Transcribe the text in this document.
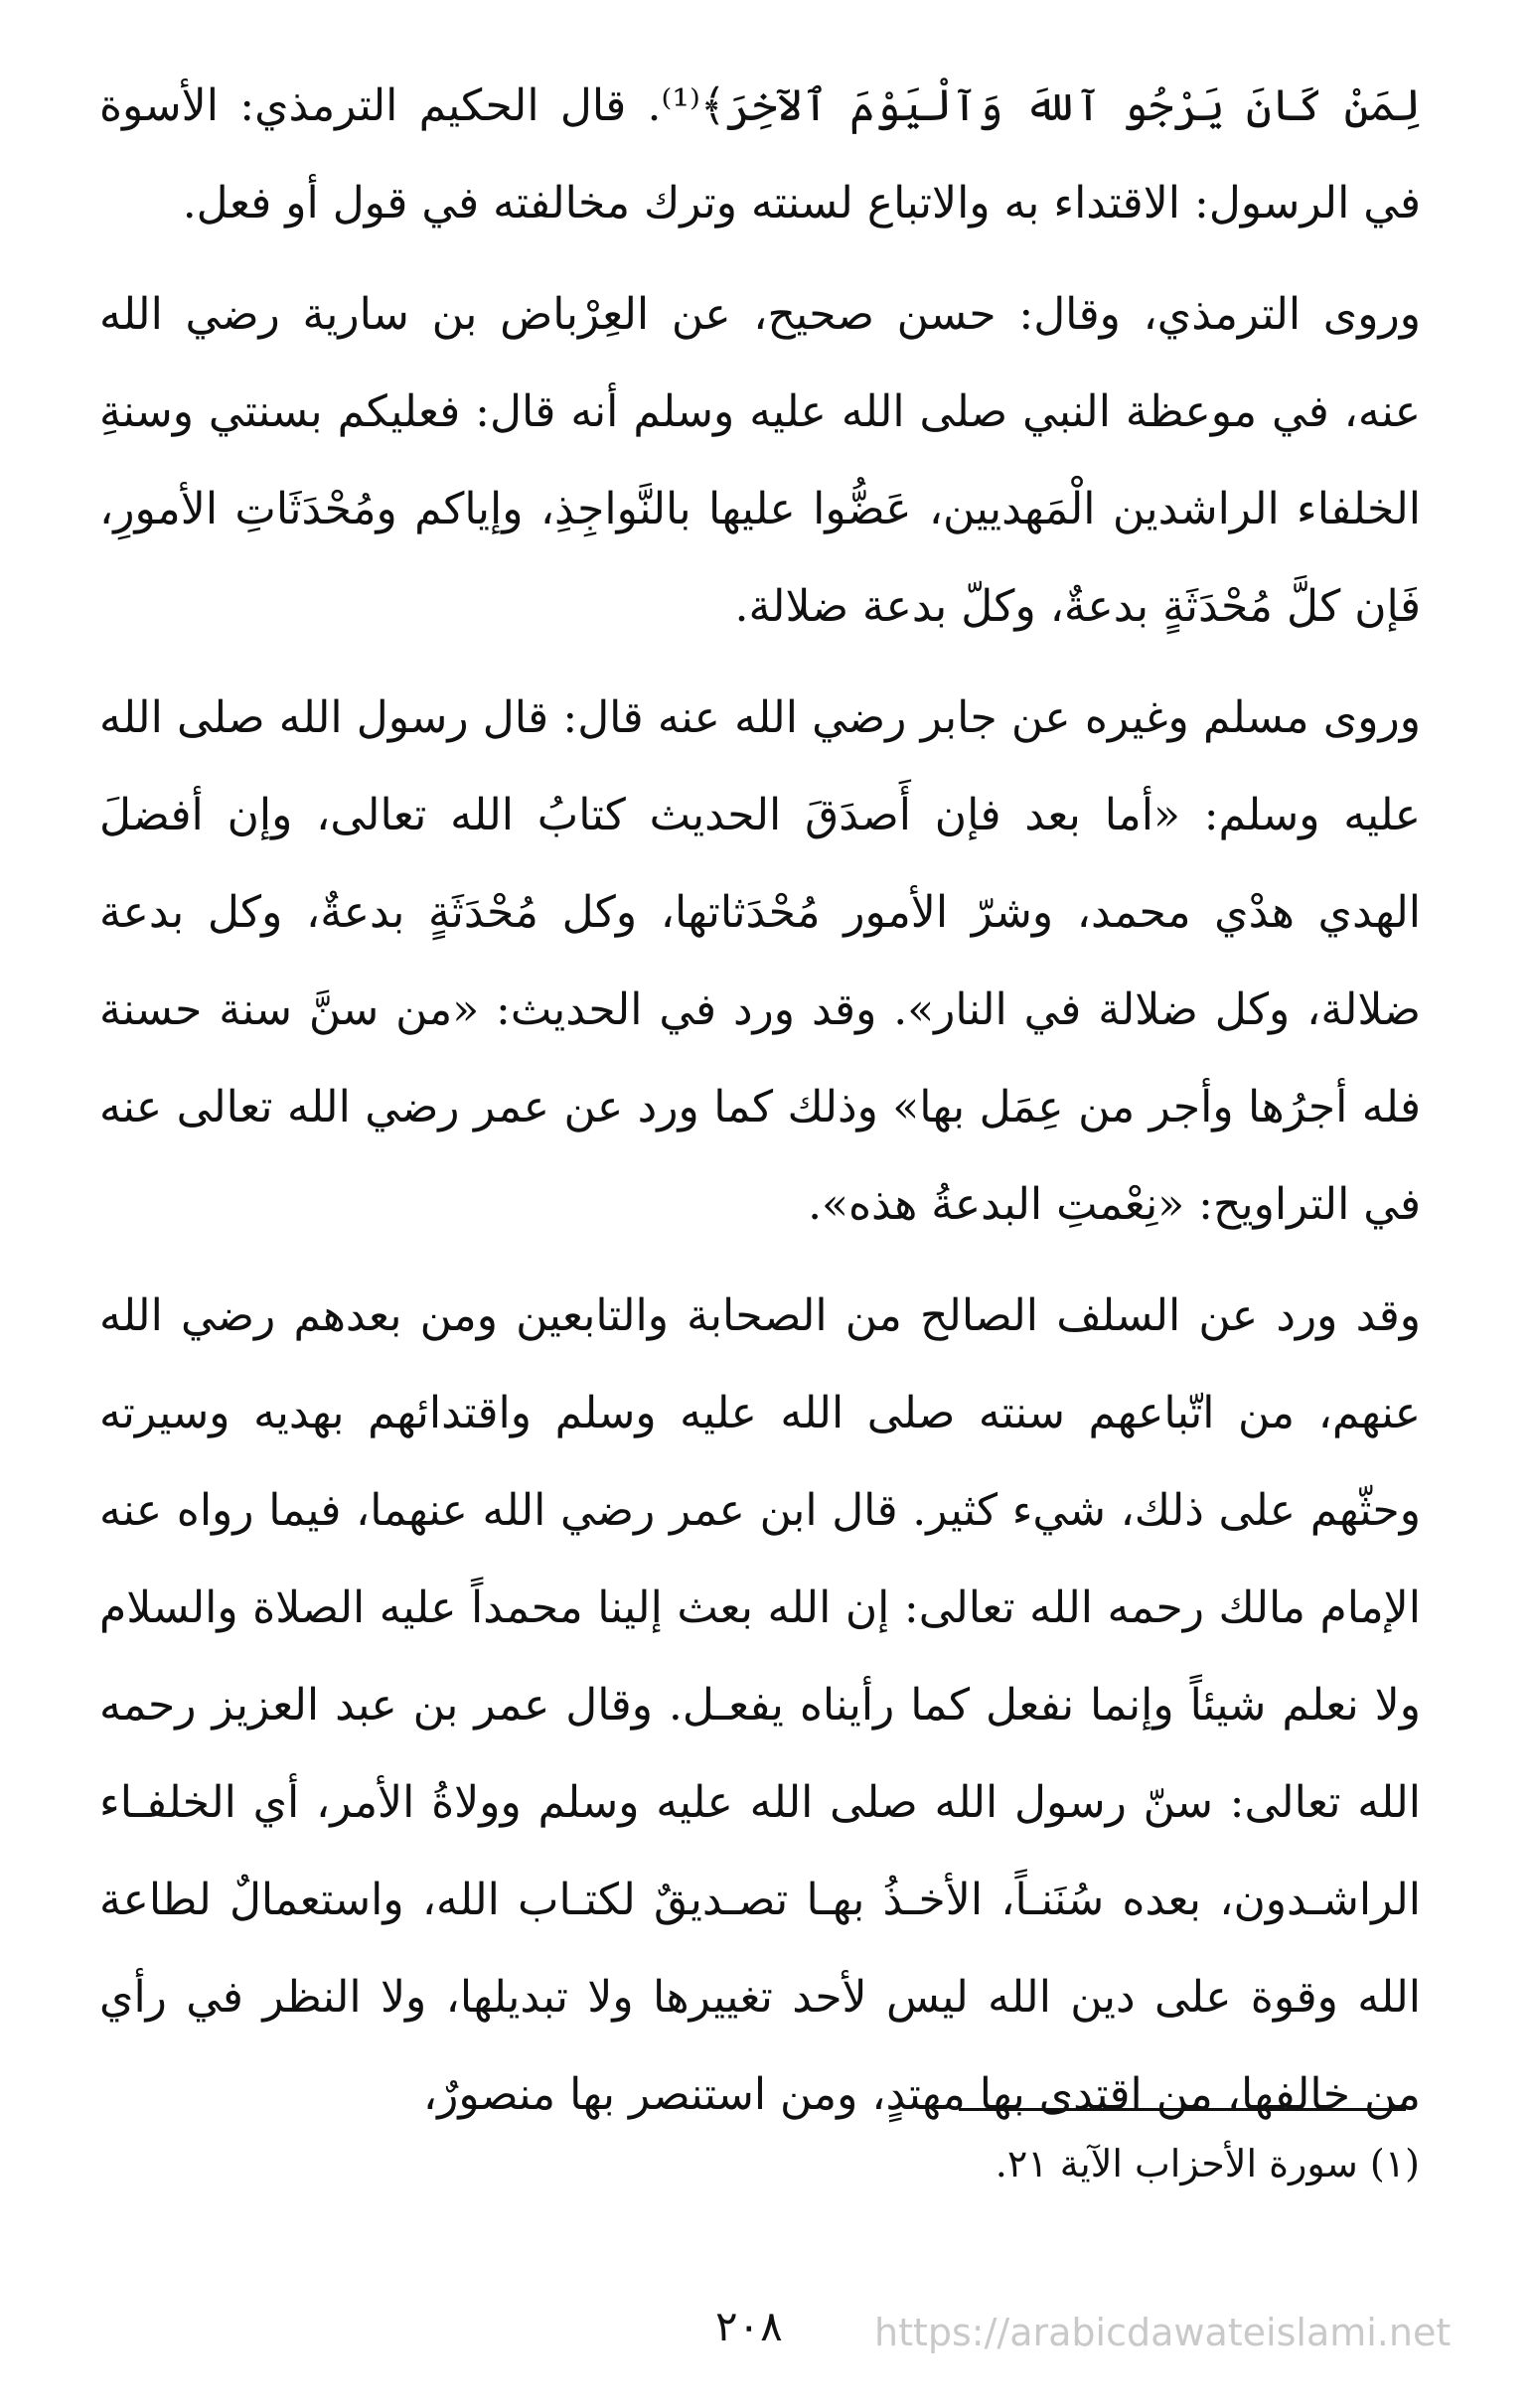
لِمَنْ كَانَ يَرْجُو آللهَ وَآلْيَوْمَ ٱلآخِرَ﴾⁽¹⁾. قال الحكيم الترمذي: الأسوة في الرسول: الاقتداء به والاتباع لسنته وترك مخالفته في قول أو فعل.

وروى الترمذي، وقال: حسن صحيح، عن العِرْباض بن سارية رضي الله عنه، في موعظة النبي صلى الله عليه وسلم أنه قال: فعليكم بسنتي وسنةِ الخلفاء الراشدين الْمَهديين، عَضُّوا عليها بالنَّواجِذِ، وإياكم ومُحْدَثَاتِ الأمورِ، فَإن كلَّ مُحْدَثَةٍ بدعةٌ، وكلّ بدعة ضلالة.

وروى مسلم وغيره عن جابر رضي الله عنه قال: قال رسول الله صلى الله عليه وسلم: «أما بعد فإن أَصدَقَ الحديث كتابُ الله تعالى، وإن أفضلَ الهدي هدْي محمد، وشرّ الأمور مُحْدَثاتها، وكل مُحْدَثَةٍ بدعةٌ، وكل بدعة ضلالة، وكل ضلالة في النار». وقد ورد في الحديث: «من سنَّ سنة حسنة فله أجرُها وأجر من عِمَل بها» وذلك كما ورد عن عمر رضي الله تعالى عنه في التراويح: «نِعْمتِ البدعةُ هذه».

وقد ورد عن السلف الصالح من الصحابة والتابعين ومن بعدهم رضي الله عنهم، من اتّباعهم سنته صلى الله عليه وسلم واقتدائهم بهديه وسيرته وحثّهم على ذلك، شيء كثير. قال ابن عمر رضي الله عنهما، فيما رواه عنه الإمام مالك رحمه الله تعالى: إن الله بعث إلينا محمداً عليه الصلاة والسلام ولا نعلم شيئاً وإنما نفعل كما رأيناه يفعـل. وقال عمر بن عبد العزيز رحمه الله تعالى: سنّ رسول الله صلى الله عليه وسلم وولاةُ الأمر، أي الخلفـاء الراشـدون، بعده سُنَنـاً، الأخـذُ بهـا تصـديقٌ لكتـاب الله، واستعمالٌ لطاعة الله وقوة على دين الله ليس لأحد تغييرها ولا تبديلها، ولا النظر في رأي من خالفها، من اقتدى بها مهتدٍ، ومن استنصر بها منصورٌ،

(١) سورة الأحزاب الآية ٢١.
٢٠٨ https://arabicdawateislami.net
